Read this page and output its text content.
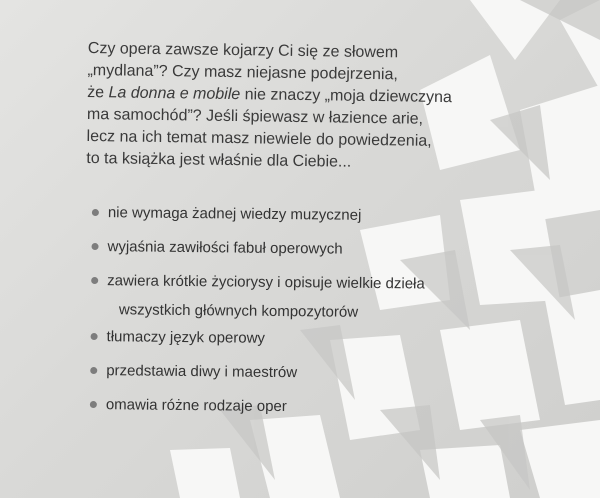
Czy opera zawsze kojarzy Ci się ze słowem
„mydlana”? Czy masz niejasne podejrzenia,
że La donna e mobile nie znaczy „moja dziewczyna
ma samochód”? Jeśli śpiewasz w łazience arie,
lecz na ich temat masz niewiele do powiedzenia,
to ta książka jest właśnie dla Ciebie...

nie wymaga żadnej wiedzy muzycznej
wyjaśnia zawiłości fabuł operowych
zawiera krótkie życiorysy i opisuje wielkie dzieła
wszystkich głównych kompozytorów
tłumaczy język operowy
przedstawia diwy i maestrów
omawia różne rodzaje oper
